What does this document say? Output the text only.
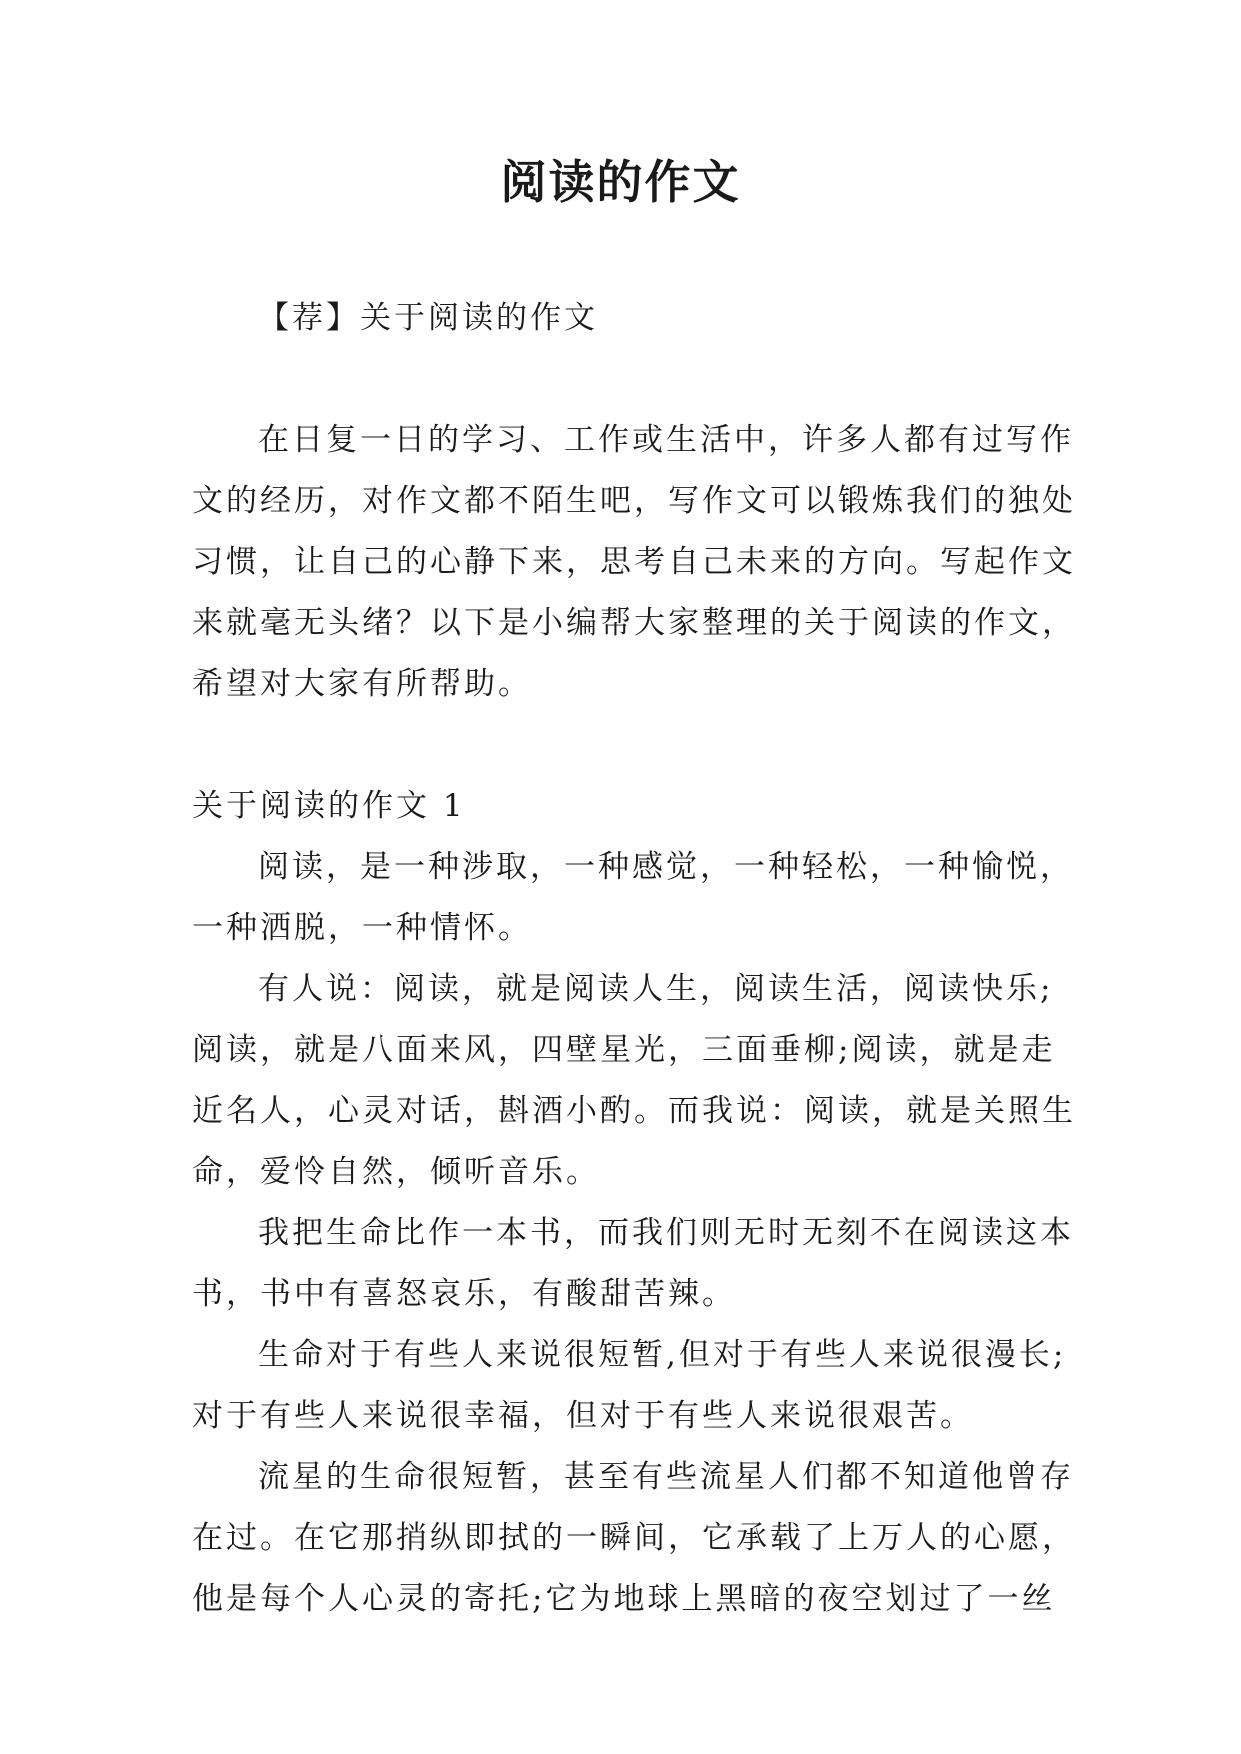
阅读的作文

【荐】关于阅读的作文

在日复一日的学习、工作或生活中，许多人都有过写作

文的经历，对作文都不陌生吧，写作文可以锻炼我们的独处

习惯，让自己的心静下来，思考自己未来的方向。写起作文

来就毫无头绪？以下是小编帮大家整理的关于阅读的作文，

希望对大家有所帮助。

关于阅读的作文 1

阅读，是一种涉取，一种感觉，一种轻松，一种愉悦，

一种洒脱，一种情怀。

有人说：阅读，就是阅读人生，阅读生活，阅读快乐;

阅读，就是八面来风，四壁星光，三面垂柳;阅读，就是走

近名人，心灵对话，斟酒小酌。而我说：阅读，就是关照生

命，爱怜自然，倾听音乐。

我把生命比作一本书，而我们则无时无刻不在阅读这本

书，书中有喜怒哀乐，有酸甜苦辣。

生命对于有些人来说很短暂,但对于有些人来说很漫长;

对于有些人来说很幸福，但对于有些人来说很艰苦。

流星的生命很短暂，甚至有些流星人们都不知道他曾存

在过。在它那捎纵即拭的一瞬间，它承载了上万人的心愿，

他是每个人心灵的寄托;它为地球上黑暗的夜空划过了一丝
